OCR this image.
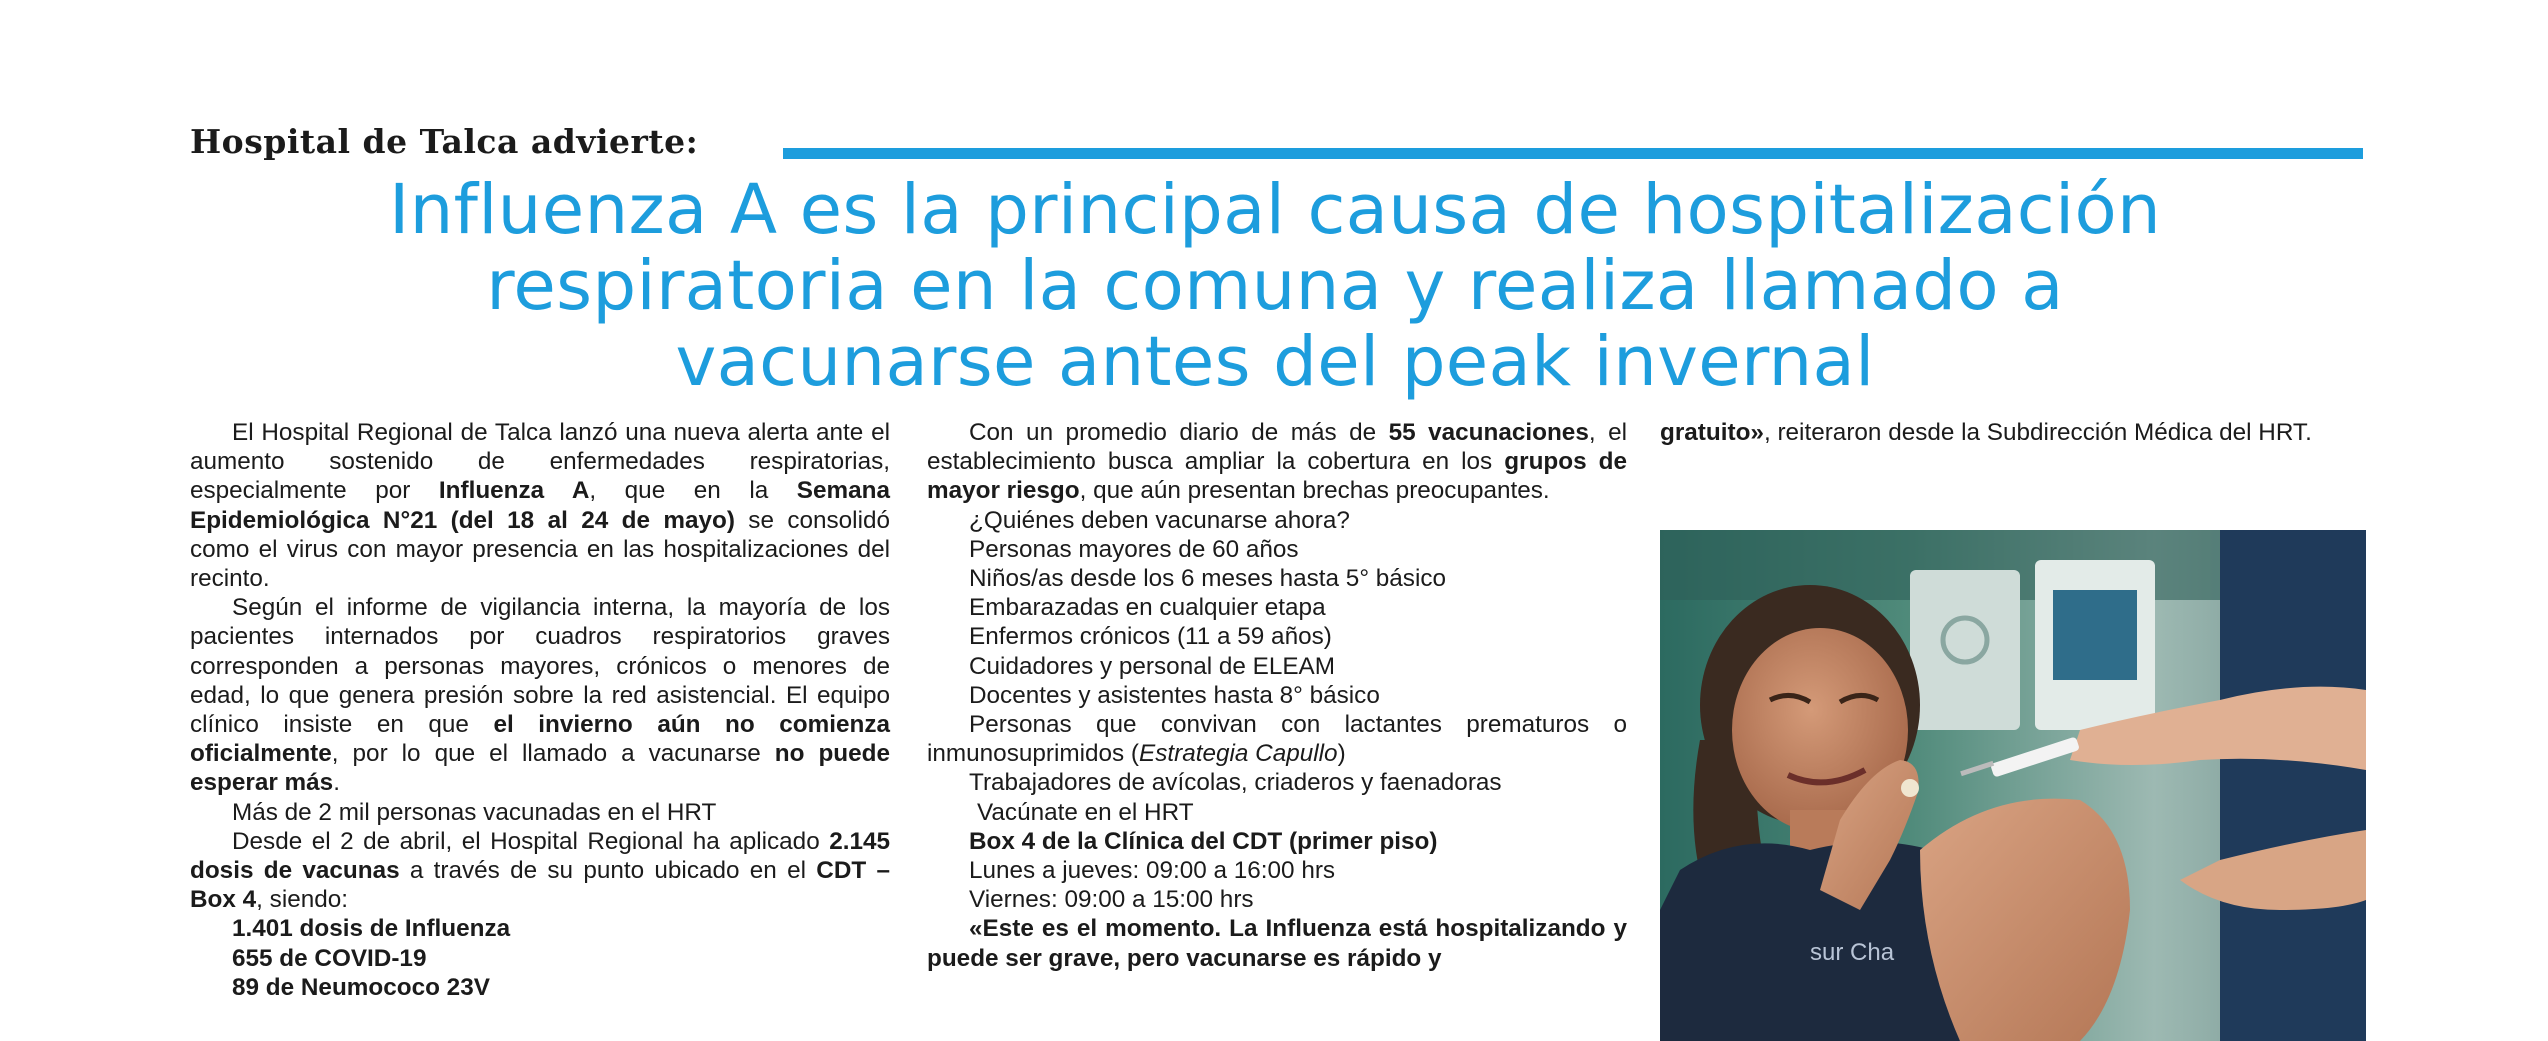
Hospital de Talca advierte:
Influenza A es la principal causa de hospitalización
respiratoria en la comuna y realiza llamado a
vacunarse antes del peak invernal

El Hospital Regional de Talca lanzó una nueva alerta ante el aumento sostenido de enfermedades respiratorias, especialmente por Influenza A, que en la Semana Epidemiológica N°21 (del 18 al 24 de mayo) se consolidó como el virus con mayor presencia en las hospitalizaciones del recinto.

Según el informe de vigilancia interna, la mayoría de los pacientes internados por cuadros respiratorios graves corresponden a personas mayores, crónicos o menores de edad, lo que genera presión sobre la red asistencial. El equipo clínico insiste en que el invierno aún no comienza oficialmente, por lo que el llamado a vacunarse no puede esperar más.

Más de 2 mil personas vacunadas en el HRT

Desde el 2 de abril, el Hospital Regional ha aplicado 2.145 dosis de vacunas a través de su punto ubicado en el CDT – Box 4, siendo:

1.401 dosis de Influenza

655 de COVID-19

89 de Neumococo 23V

Con un promedio diario de más de 55 vacunaciones, el establecimiento busca ampliar la cobertura en los grupos de mayor riesgo, que aún presentan brechas preocupantes.

¿Quiénes deben vacunarse ahora?

Personas mayores de 60 años

Niños/as desde los 6 meses hasta 5° básico

Embarazadas en cualquier etapa

Enfermos crónicos (11 a 59 años)

Cuidadores y personal de ELEAM

Docentes y asistentes hasta 8° básico

Personas que convivan con lactantes prematuros o inmunosuprimidos (Estrategia Capullo)

Trabajadores de avícolas, criaderos y faenadoras

Vacúnate en el HRT

Box 4 de la Clínica del CDT (primer piso)

Lunes a jueves: 09:00 a 16:00 hrs

Viernes: 09:00 a 15:00 hrs

«Este es el momento. La Influenza está hospitalizando y puede ser grave, pero vacunarse es rápido y

gratuito», reiteraron desde la Subdirección Médica del HRT.

sur Cha
